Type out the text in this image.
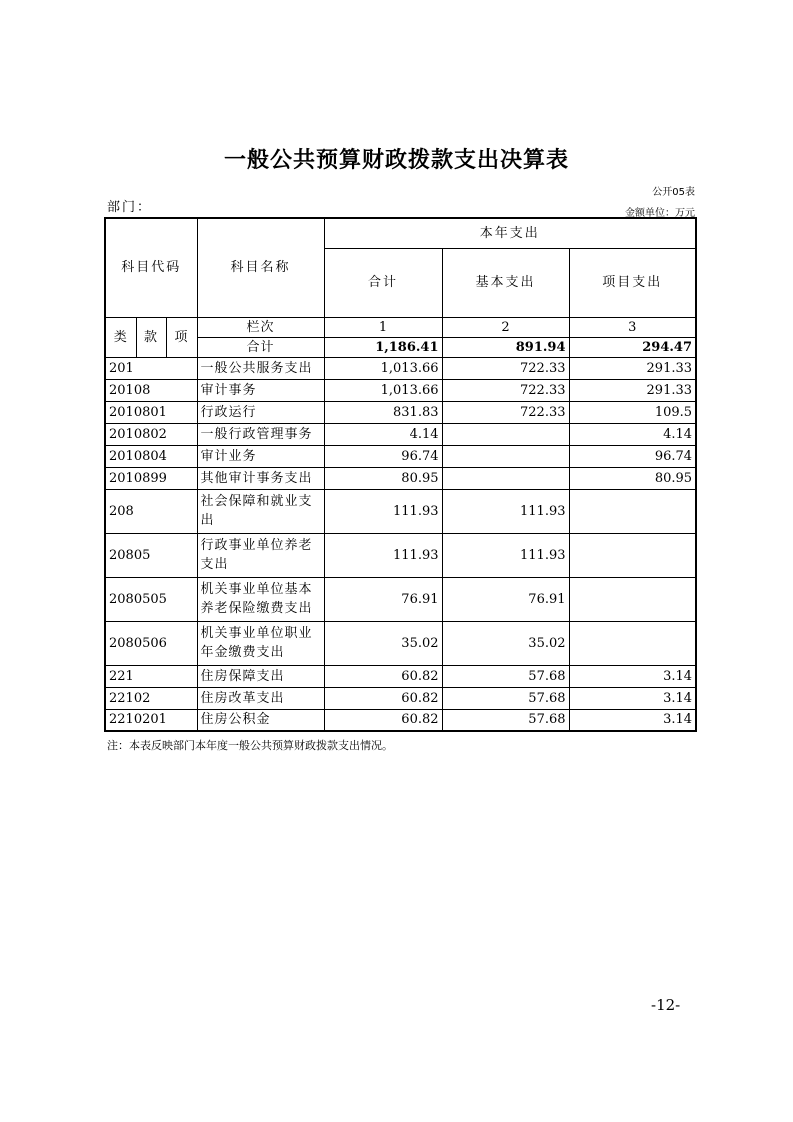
一般公共预算财政拨款支出决算表
公开05表
部门：	金额单位：万元
科目代码			科目名称	本年支出		
				合计	基本支出	项目支出
类	款	项	栏次	1	2	3
			合计	1,186.41	891.94	294.47
201			一般公共服务支出	1,013.66	722.33	291.33
20108			审计事务	1,013.66	722.33	291.33
2010801			行政运行	831.83	722.33	109.5
2010802			一般行政管理事务	4.14		4.14
2010804			审计业务	96.74		96.74
2010899			其他审计事务支出	80.95		80.95
208			社会保障和就业支出	111.93	111.93	
20805			行政事业单位养老支出	111.93	111.93	
2080505			机关事业单位基本养老保险缴费支出	76.91	76.91	
2080506			机关事业单位职业年金缴费支出	35.02	35.02	
221			住房保障支出	60.82	57.68	3.14
22102			住房改革支出	60.82	57.68	3.14
2210201			住房公积金	60.82	57.68	3.14
注：本表反映部门本年度一般公共预算财政拨款支出情况。
-12-
